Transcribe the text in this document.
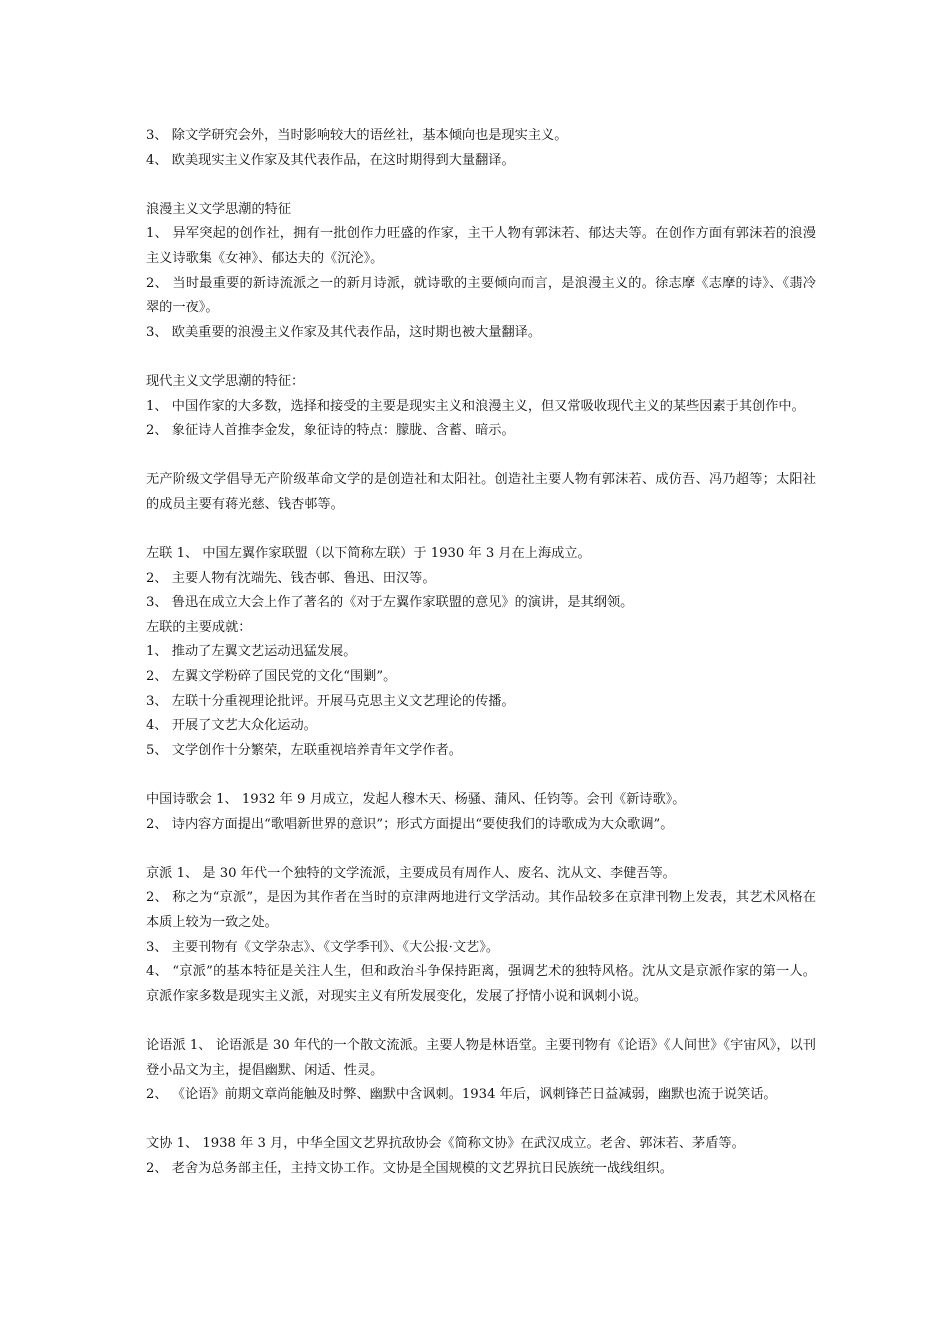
3、 除文学研究会外，当时影响较大的语丝社，基本倾向也是现实主义。

4、 欧美现实主义作家及其代表作品，在这时期得到大量翻译。

浪漫主义文学思潮的特征

1、 异军突起的创作社，拥有一批创作力旺盛的作家，主干人物有郭沫若、郁达夫等。在创作方面有郭沫若的浪漫主义诗歌集《女神》、郁达夫的《沉沦》。

2、 当时最重要的新诗流派之一的新月诗派，就诗歌的主要倾向而言，是浪漫主义的。徐志摩《志摩的诗》、《翡冷翠的一夜》。

3、 欧美重要的浪漫主义作家及其代表作品，这时期也被大量翻译。

现代主义文学思潮的特征：

1、 中国作家的大多数，选择和接受的主要是现实主义和浪漫主义，但又常吸收现代主义的某些因素于其创作中。

2、 象征诗人首推李金发，象征诗的特点：朦胧、含蓄、暗示。

无产阶级文学倡导无产阶级革命文学的是创造社和太阳社。创造社主要人物有郭沫若、成仿吾、冯乃超等；太阳社的成员主要有蒋光慈、钱杏邨等。

左联 1、 中国左翼作家联盟（以下简称左联）于 1930 年 3 月在上海成立。

2、 主要人物有沈端先、钱杏邨、鲁迅、田汉等。

3、 鲁迅在成立大会上作了著名的《对于左翼作家联盟的意见》的演讲，是其纲领。

左联的主要成就：

1、 推动了左翼文艺运动迅猛发展。

2、 左翼文学粉碎了国民党的文化“围剿”。

3、 左联十分重视理论批评。开展马克思主义文艺理论的传播。

4、 开展了文艺大众化运动。

5、 文学创作十分繁荣，左联重视培养青年文学作者。

中国诗歌会 1、 1932 年 9 月成立，发起人穆木天、杨骚、蒲风、任钧等。会刊《新诗歌》。

2、 诗内容方面提出“歌唱新世界的意识”；形式方面提出“要使我们的诗歌成为大众歌调”。

京派 1、 是 30 年代一个独特的文学流派，主要成员有周作人、废名、沈从文、李健吾等。

2、 称之为“京派”，是因为其作者在当时的京津两地进行文学活动。其作品较多在京津刊物上发表，其艺术风格在本质上较为一致之处。

3、 主要刊物有《文学杂志》、《文学季刊》、《大公报·文艺》。

4、 “京派”的基本特征是关注人生，但和政治斗争保持距离，强调艺术的独特风格。沈从文是京派作家的第一人。京派作家多数是现实主义派，对现实主义有所发展变化，发展了抒情小说和讽刺小说。

论语派 1、 论语派是 30 年代的一个散文流派。主要人物是林语堂。主要刊物有《论语》《人间世》《宇宙风》，以刊登小品文为主，提倡幽默、闲适、性灵。

2、 《论语》前期文章尚能触及时弊、幽默中含讽刺。1934 年后，讽刺锋芒日益减弱，幽默也流于说笑话。

文协 1、 1938 年 3 月，中华全国文艺界抗敌协会《简称文协》在武汉成立。老舍、郭沫若、茅盾等。

2、 老舍为总务部主任，主持文协工作。文协是全国规模的文艺界抗日民族统一战线组织。
